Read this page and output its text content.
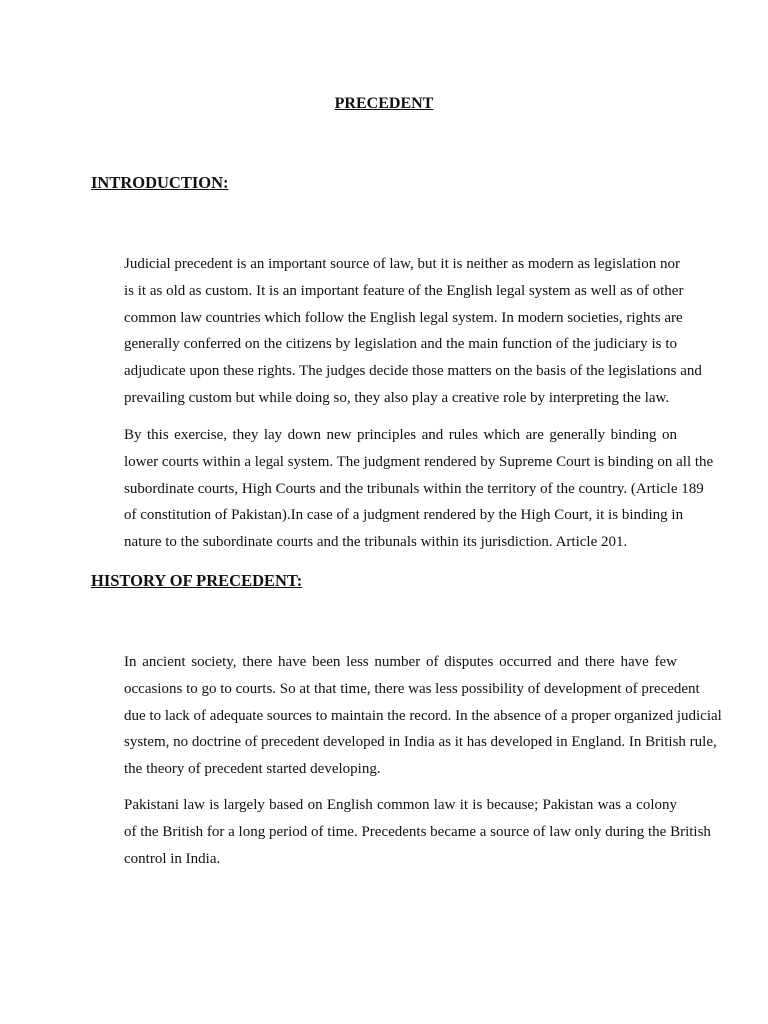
PRECEDENT
INTRODUCTION:
Judicial precedent is an important source of law, but it is neither as modern as legislation nor
is it as old as custom. It is an important feature of the English legal system as well as of other
common law countries which follow the English legal system. In modern societies, rights are
generally conferred on the citizens by legislation and the main function of the judiciary is to
adjudicate upon these rights. The judges decide those matters on the basis of the legislations and
prevailing custom but while doing so, they also play a creative role by interpreting the law.
By this exercise, they lay down new principles and rules which are generally binding on
lower courts within a legal system. The judgment rendered by Supreme Court is binding on all the
subordinate courts, High Courts and the tribunals within the territory of the country. (Article 189
of constitution of Pakistan).In case of a judgment rendered by the High Court, it is binding in
nature to the subordinate courts and the tribunals within its jurisdiction. Article 201.
HISTORY OF PRECEDENT:
In ancient society, there have been less number of disputes occurred and there have few
occasions to go to courts. So at that time, there was less possibility of development of precedent
due to lack of adequate sources to maintain the record. In the absence of a proper organized judicial
system, no doctrine of precedent developed in India as it has developed in England. In British rule,
the theory of precedent started developing.
Pakistani law is largely based on English common law it is because; Pakistan was a colony
of the British for a long period of time. Precedents became a source of law only during the British
control in India.
